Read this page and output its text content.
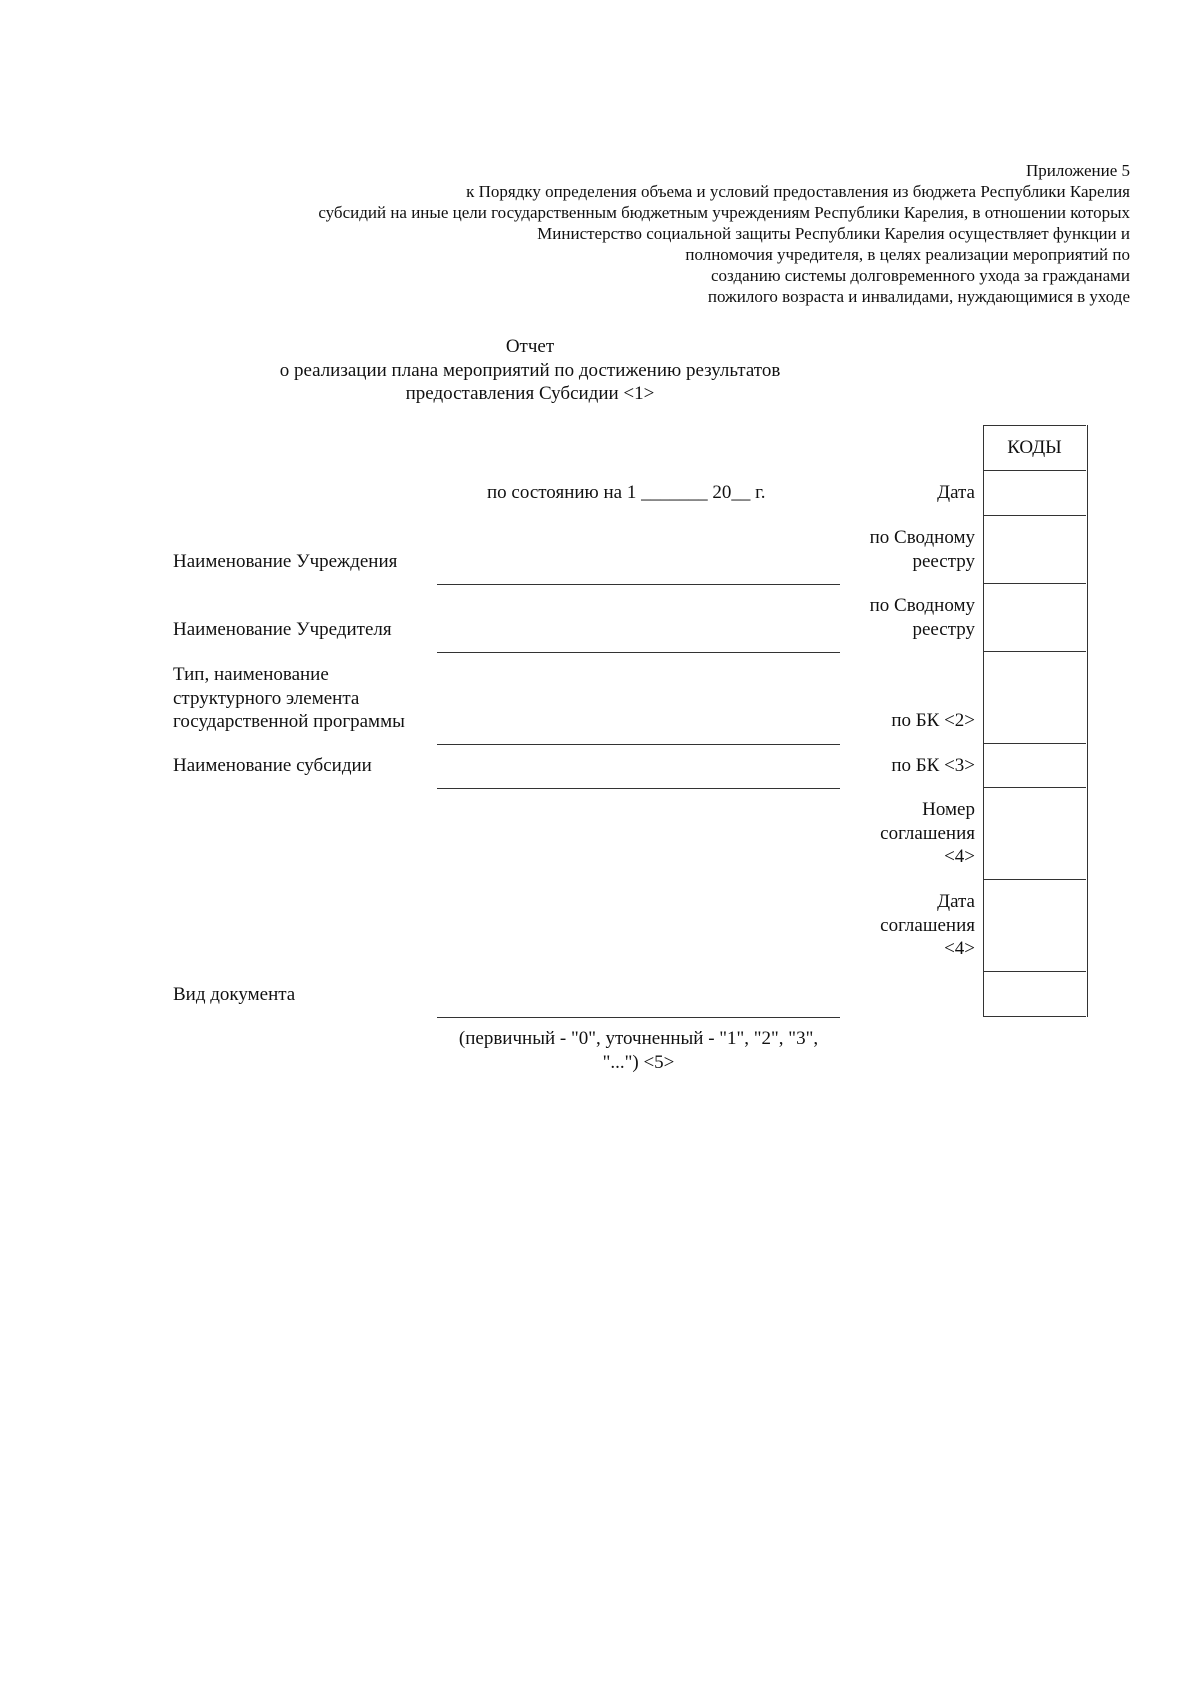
Приложение 5
к Порядку определения объема и условий предоставления из бюджета Республики Карелия
субсидий на иные цели государственным бюджетным учреждениям Республики Карелия, в отношении которых
Министерство социальной защиты Республики Карелия осуществляет функции и
полномочия учредителя, в целях реализации мероприятий по
созданию системы долговременного ухода за гражданами
пожилого возраста и инвалидами, нуждающимися в уходе
Отчет
о реализации плана мероприятий по достижению результатов
предоставления Субсидии <1>
КОДЫ
по состоянию на 1 _______ 20__ г.	Дата
по Сводному
реестру
по Сводному
реестру
по БК <2>
по БК <3>
Номер
соглашения
<4>
Дата
соглашения
<4>
Наименование Учреждения
Наименование Учредителя
Тип, наименование
структурного элемента
государственной программы
Наименование субсидии
Вид документа
(первичный - "0", уточненный - "1", "2", "3",
"...") <5>
